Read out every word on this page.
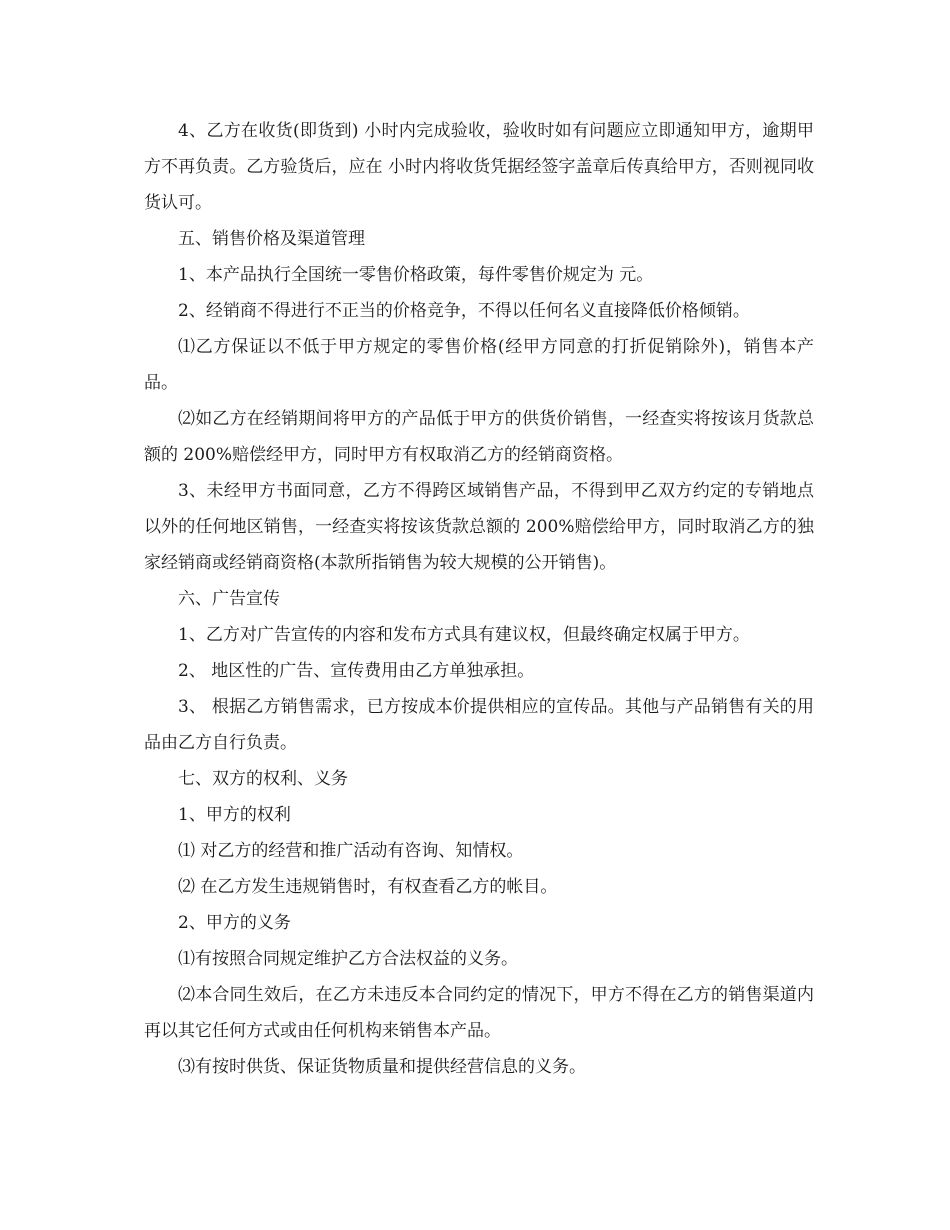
4、乙方在收货(即货到) 小时内完成验收，验收时如有问题应立即通知甲方，逾期甲方不再负责。乙方验货后，应在 小时内将收货凭据经签字盖章后传真给甲方，否则视同收货认可。

五、销售价格及渠道管理

1、本产品执行全国统一零售价格政策，每件零售价规定为 元。

2、经销商不得进行不正当的价格竞争，不得以任何名义直接降低价格倾销。

⑴乙方保证以不低于甲方规定的零售价格(经甲方同意的打折促销除外)，销售本产品。

⑵如乙方在经销期间将甲方的产品低于甲方的供货价销售，一经查实将按该月货款总额的 200%赔偿经甲方，同时甲方有权取消乙方的经销商资格。

3、未经甲方书面同意，乙方不得跨区域销售产品，不得到甲乙双方约定的专销地点以外的任何地区销售，一经查实将按该货款总额的 200%赔偿给甲方，同时取消乙方的独家经销商或经销商资格(本款所指销售为较大规模的公开销售)。

六、广告宣传

1、乙方对广告宣传的内容和发布方式具有建议权，但最终确定权属于甲方。

2、 地区性的广告、宣传费用由乙方单独承担。

3、 根据乙方销售需求，已方按成本价提供相应的宣传品。其他与产品销售有关的用品由乙方自行负责。

七、双方的权利、义务

1、甲方的权利

⑴ 对乙方的经营和推广活动有咨询、知情权。

⑵ 在乙方发生违规销售时，有权查看乙方的帐目。

2、甲方的义务

⑴有按照合同规定维护乙方合法权益的义务。

⑵本合同生效后，在乙方未违反本合同约定的情况下，甲方不得在乙方的销售渠道内再以其它任何方式或由任何机构来销售本产品。

⑶有按时供货、保证货物质量和提供经营信息的义务。
